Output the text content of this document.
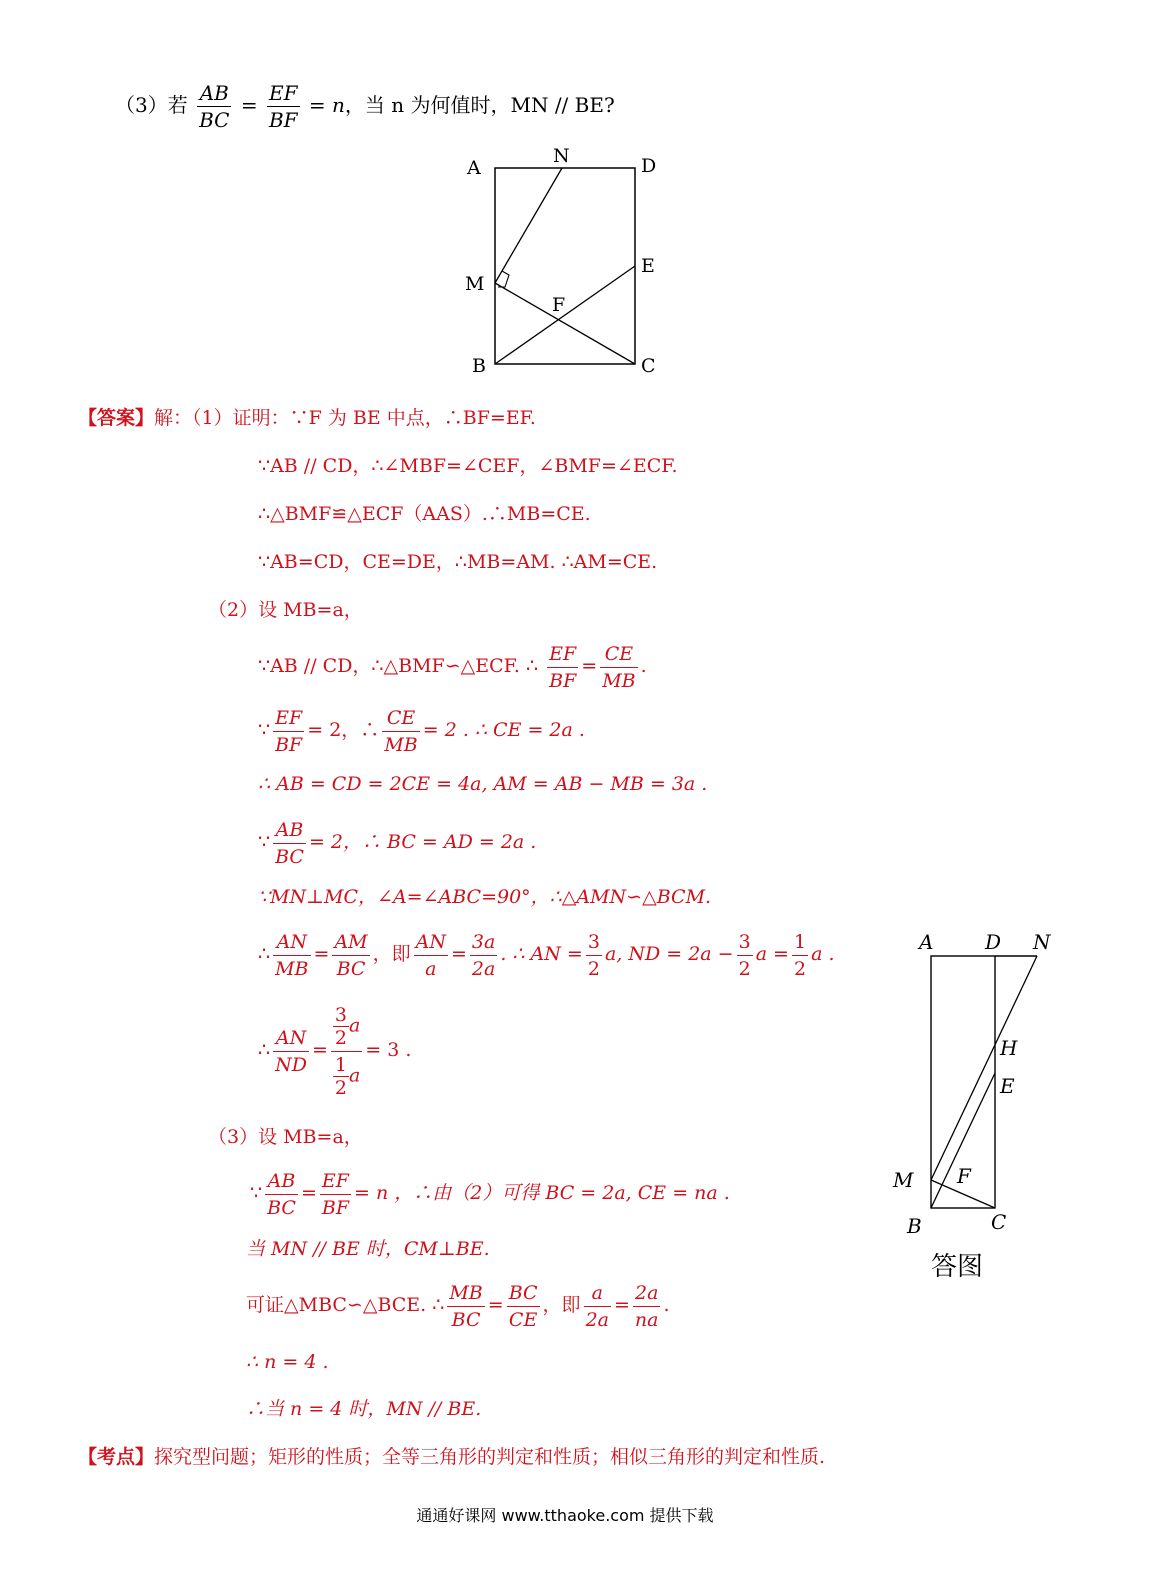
（3）若 $\frac{AB}{BC} = \frac{EF}{BF} = n$，当 n 为何值时，MN // BE?
A
N	D
E
M
F
B	C
【答案】解：（1）证明：∵F 为 BE 中点，∴BF=EF.
∵AB // CD，∴∠MBF=∠CEF，∠BMF=∠ECF.
∴△BMF≌△ECF（AAS）.∴MB=CE.
∵AB=CD，CE=DE，∴MB=AM. ∴AM=CE.
（2）设 MB=a，
∵AB // CD，∴△BMF∽△ECF. ∴ $\frac{EF}{BF} = \frac{CE}{MB}$ .
∵ $\frac{EF}{BF} = 2$，∴ $\frac{CE}{MB} = 2$ . ∴ CE = 2a .
∴ AB = CD = 2CE = 4a, AM = AB − MB = 3a .
∵ $\frac{AB}{BC} = 2$，∴ BC = AD = 2a .
∵MN⊥MC，∠A=∠ABC=90°，∴△AMN∽△BCM.
∴ $\frac{AN}{MB} = \frac{AM}{BC}$ ，即 $\frac{AN}{a} = \frac{3a}{2a}$ . ∴ AN = $\frac{3}{2} a$, ND = $2a - \frac{3}{2}$ $a = \frac{1}{2}$ a .
∴ $\frac{AN}{ND} = \frac{\frac{3}{2} a}{\frac{1}{2} a} = 3$ .
（3）设 MB=a，
∵ $\frac{AB}{BC} = \frac{EF}{BF} = n$ ，∴由（2）可得 BC = 2a, CE = na .
当 MN // BE 时，CM⊥BE.
可证△MBC∽△BCE. ∴ $\frac{MB}{BC} = \frac{BC}{CE}$ ，即 $\frac{a}{2a} = \frac{2a}{na}$ .
∴ n = 4 .
∴当 n = 4 时，MN // BE.
A	D N
H
E
M F
B	C
答图
【考点】探究型问题；矩形的性质；全等三角形的判定和性质；相似三角形的判定和性质.
通通好课网 www.tthaoke.com 提供下载
